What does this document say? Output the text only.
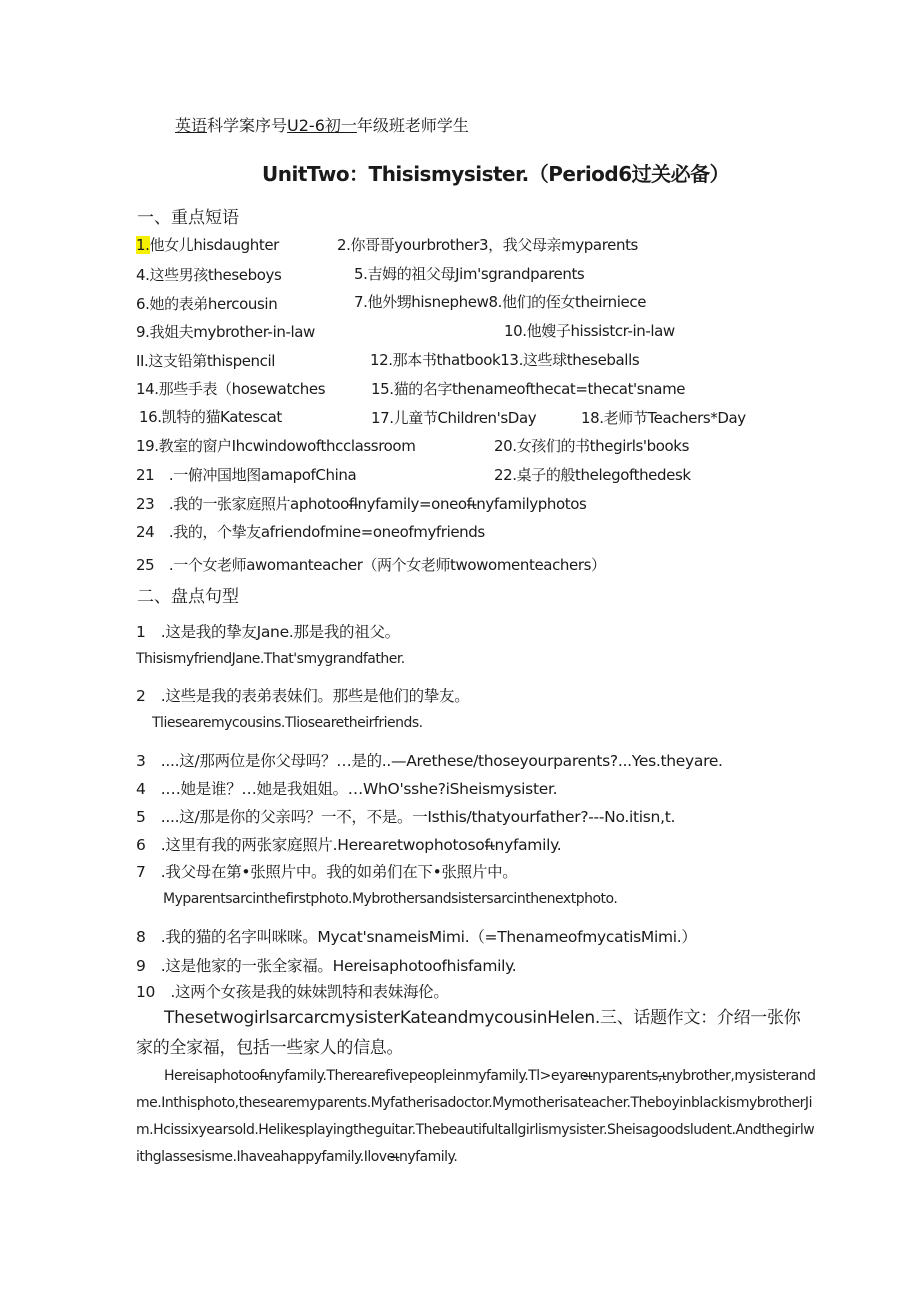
英语科学案序号U2-6初一年级班老师学生
UnitTwo：Thisismysister.（Period6过关必备）
一、重点短语
1.他女儿hisdaughter	2.你哥哥yourbrother3，我父母亲myparents
4.这些男孩theseboys	5.吉姆的祖父母Jim'sgrandparents
6.她的表弟hercousin	7.他外甥hisnephew8.他们的侄女theirniece
9.我姐夫mybrother-in-law	10.他嫂子hissistcr-in-law
II.这支铅第thispencil	12.那本书thatbook13.这些球theseballs
14.那些手表（hosewatches	15.猫的名字thenameofthecat=thecat'sname
16.凯特的猫Katescat	17.儿童节Children'sDay	18.老师节Teachers*Day
19.教室的窗户Ihcwindowofthcclassroom	20.女孩们的书thegirls'books
21　.一俯冲国地图amapofChina	22.桌子的般thelegofthedesk
23　.我的一张家庭照片aphotoofl̶nyfamily=oneofι̶nyfamilyphotos
24　.我的，个挚友afriendofmine=oneofmyfriends
25　.一个女老师awomanteacher（两个女老师twowomenteachers）
二、盘点句型
1　.这是我的挚友Jane.那是我的祖父。
ThisismyfriendJane.That'smygrandfather.
2　.这些是我的表弟表妹们。那些是他们的挚友。
Tliesearemycousins.Tliosearetheirfriends.
3　....这/那两位是你父母吗？…是的..—Arethese/thoseyourparents?...Yes.theyare.
4　.…她是谁？…她是我姐姐。…WhO'sshe?iSheismysister.
5　....这/那是你的父亲吗？一不，不是。一Isthis/thatyourfather?---No.itisn,t.
6　.这里有我的两张家庭照片.Herearetwophotosofι̶nyfamily.
7　.我父母在第•张照片中。我的如弟们在下•张照片中。
Myparentsarcinthefirstphoto.Mybrothersandsistersarcinthenextphoto.
8　.我的猫的名字叫咪咪。Mycat'snameisMimi.（=ThenameofmycatisMimi.）
9　.这是他家的一张全家福。Hereisaphotoofhisfamily.
10　.这两个女孩是我的妹妹凯特和表妹海伦。
ThesetwogirlsarcarcmysisterKateandmycousinHelen.三、话题作文：介绍一张你家的全家福，包括一些家人的信息。
Hereisaphotoofι̶nyfamily.Therearefivepeopleinmyfamily.Tl>eyareι̶nyparents,ι̶nybrother,mysisterandme.Inthisphoto,thesearemyparents.Myfatherisadoctor.Mymotherisateacher.TheboyinblackismybrotherJim.Hcissixyearsold.Helikesplayingtheguitar.Thebeautifultallgirlismysister.Sheisagoodsludent.Andthegirlwithglassesisme.Ihaveahappyfamily.Iloveι̶nyfamily.
